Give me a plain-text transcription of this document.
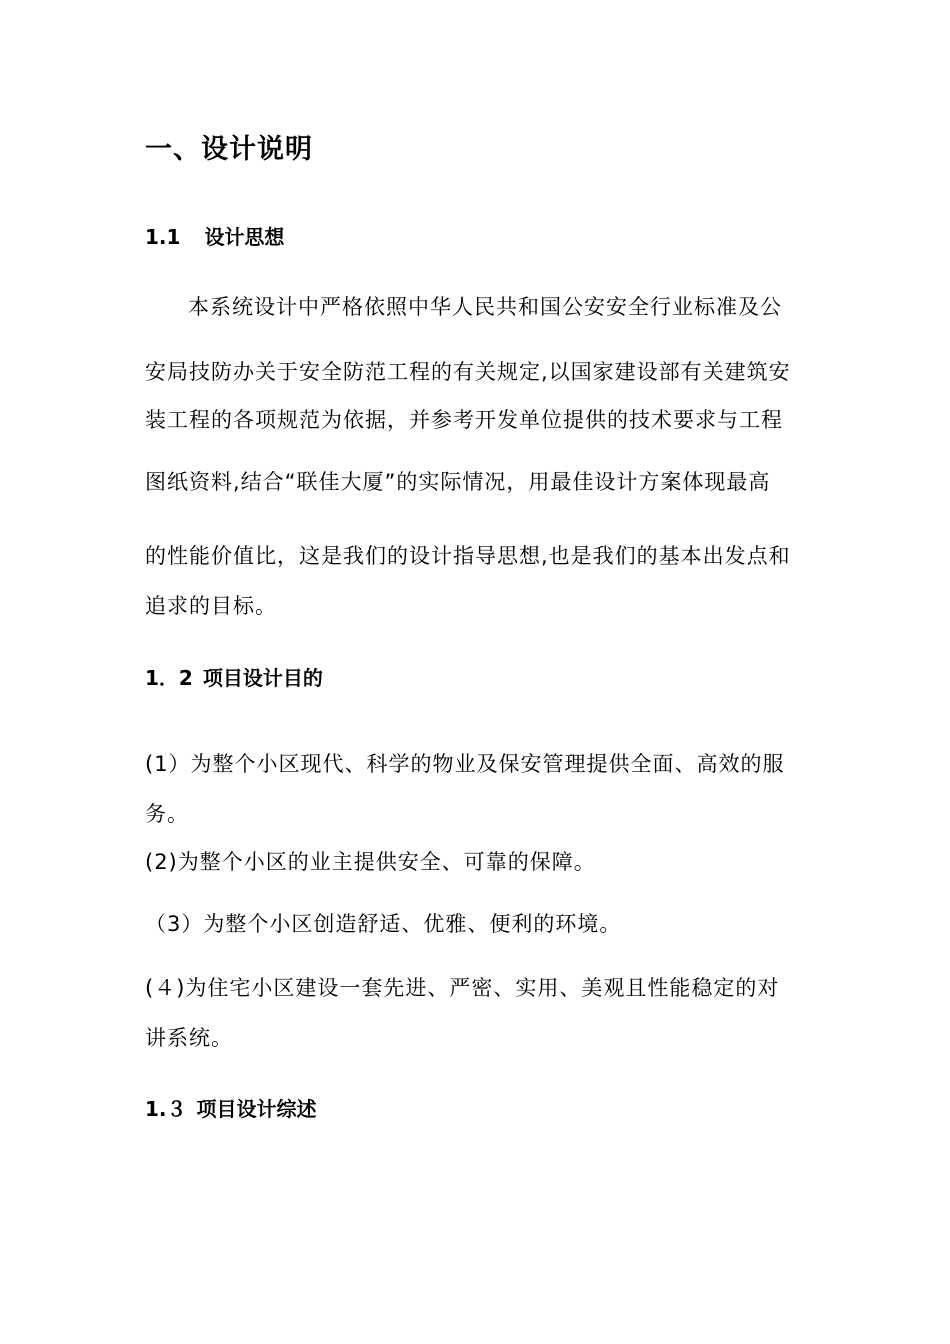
一、设计说明
1.1 设计思想

本系统设计中严格依照中华人民共和国公安安全行业标准及公

安局技防办关于安全防范工程的有关规定,以国家建设部有关建筑安

装工程的各项规范为依据，并参考开发单位提供的技术要求与工程

图纸资料,结合“联佳大厦”的实际情况，用最佳设计方案体现最高

的性能价值比，这是我们的设计指导思想,也是我们的基本出发点和

追求的目标。

1．2 项目设计目的

(1）为整个小区现代、科学的物业及保安管理提供全面、高效的服

务。

(2)为整个小区的业主提供安全、可靠的保障。

（3）为整个小区创造舒适、优雅、便利的环境。

(４)为住宅小区建设一套先进、严密、实用、美观且性能稳定的对

讲系统。

1.３ 项目设计综述
